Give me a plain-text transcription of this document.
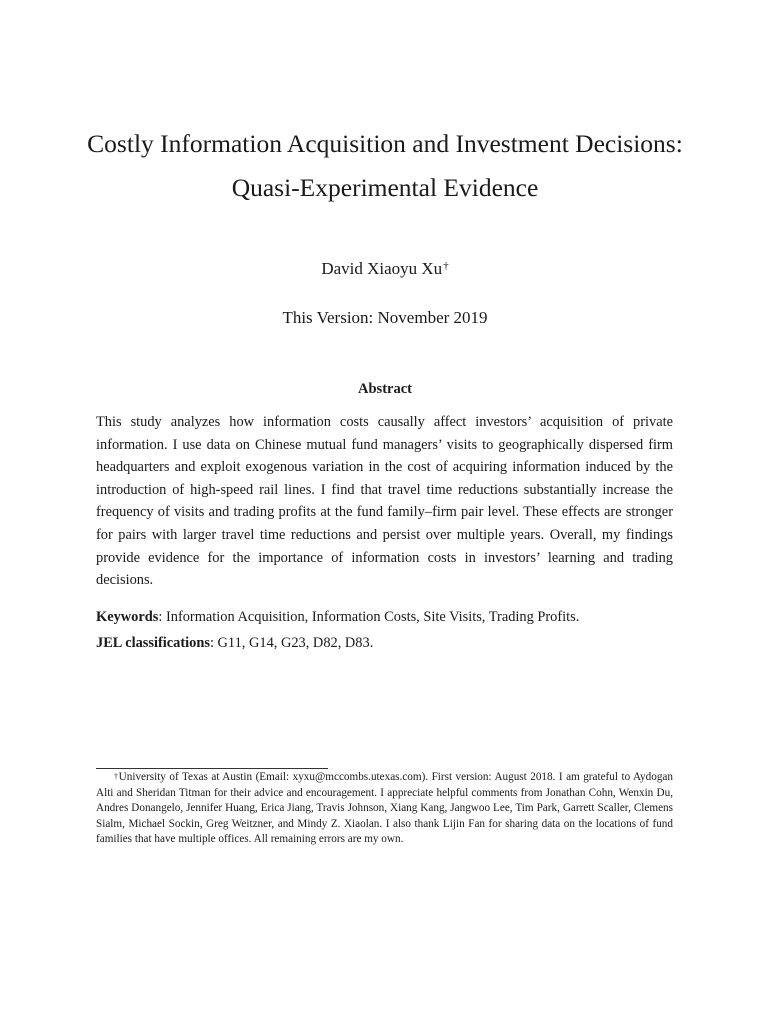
Costly Information Acquisition and Investment Decisions: Quasi-Experimental Evidence
David Xiaoyu Xu†
This Version: November 2019
Abstract

This study analyzes how information costs causally affect investors’ acquisition of private information. I use data on Chinese mutual fund managers’ visits to geographically dispersed firm headquarters and exploit exogenous variation in the cost of acquiring information induced by the introduction of high-speed rail lines. I find that travel time reductions substantially increase the frequency of visits and trading profits at the fund family–firm pair level. These effects are stronger for pairs with larger travel time reductions and persist over multiple years. Overall, my findings provide evidence for the importance of information costs in investors’ learning and trading decisions.

Keywords: Information Acquisition, Information Costs, Site Visits, Trading Profits.
JEL classifications: G11, G14, G23, D82, D83.

†University of Texas at Austin (Email: xyxu@mccombs.utexas.com). First version: August 2018. I am grateful to Aydogan Alti and Sheridan Titman for their advice and encouragement. I appreciate helpful comments from Jonathan Cohn, Wenxin Du, Andres Donangelo, Jennifer Huang, Erica Jiang, Travis Johnson, Xiang Kang, Jangwoo Lee, Tim Park, Garrett Scaller, Clemens Sialm, Michael Sockin, Greg Weitzner, and Mindy Z. Xiaolan. I also thank Lijin Fan for sharing data on the locations of fund families that have multiple offices. All remaining errors are my own.
